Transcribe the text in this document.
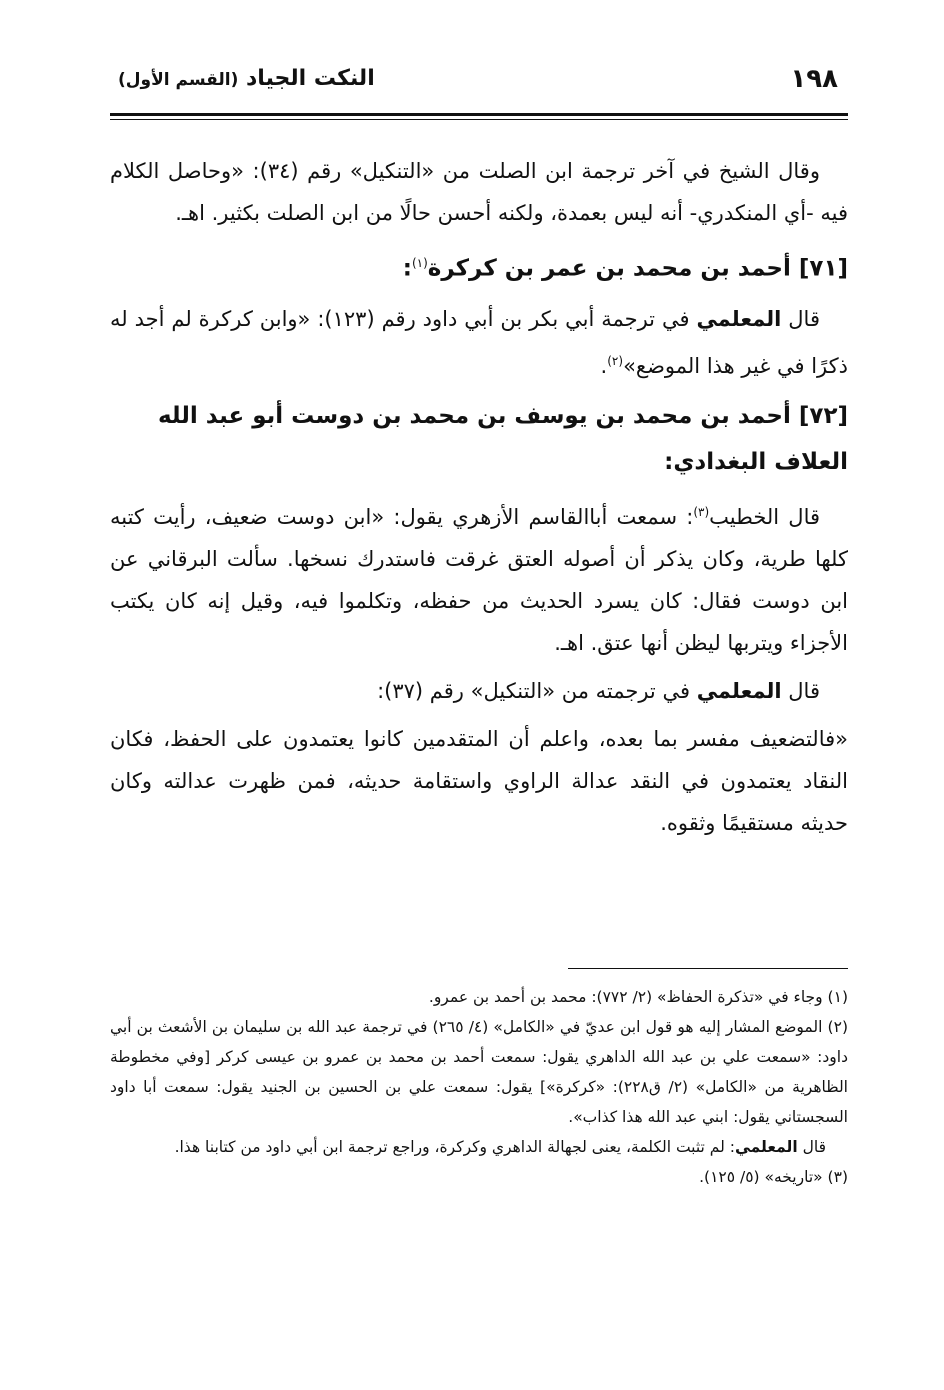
١٩٨
النكت الجياد (القسم الأول)

وقال الشيخ في آخر ترجمة ابن الصلت من «التنكيل» رقم (٣٤): «وحاصل الكلام فيه -أي المنكدري- أنه ليس بعمدة، ولكنه أحسن حالًا من ابن الصلت بكثير. اهـ.

[٧١] أحمد بن محمد بن عمر بن كركرة$^{(١)}$:

قال المعلمي في ترجمة أبي بكر بن أبي داود رقم (١٢٣): «وابن كركرة لم أجد له ذكرًا في غير هذا الموضع»$^{(٢)}$.

[٧٢] أحمد بن محمد بن يوسف بن محمد بن دوست أبو عبد الله العلاف البغدادي:

قال الخطيب$^{(٣)}$: سمعت أباالقاسم الأزهري يقول: «ابن دوست ضعيف، رأيت كتبه كلها طرية، وكان يذكر أن أصوله العتق غرقت فاستدرك نسخها. سألت البرقاني عن ابن دوست فقال: كان يسرد الحديث من حفظه، وتكلموا فيه، وقيل إنه كان يكتب الأجزاء ويتربها ليظن أنها عتق. اهـ.

قال المعلمي في ترجمته من «التنكيل» رقم (٣٧):

«فالتضعيف مفسر بما بعده، واعلم أن المتقدمين كانوا يعتمدون على الحفظ، فكان النقاد يعتمدون في النقد عدالة الراوي واستقامة حديثه، فمن ظهرت عدالته وكان حديثه مستقيمًا وثقوه.

(١) وجاء في «تذكرة الحفاظ» (٢/ ٧٧٢): محمد بن أحمد بن عمرو.

(٢) الموضع المشار إليه هو قول ابن عديّ في «الكامل» (٤/ ٢٦٥) في ترجمة عبد الله بن سليمان بن الأشعث بن أبي داود: «سمعت علي بن عبد الله الداهري يقول: سمعت أحمد بن محمد بن عمرو بن عيسى كركر [وفي مخطوطة الظاهرية من «الكامل» (٢/ ق٢٢٨): «كركرة»] يقول: سمعت علي بن الحسين بن الجنيد يقول: سمعت أبا داود السجستاني يقول: ابني عبد الله هذا كذاب».

قال المعلمي: لم تثبت الكلمة، يعنى لجهالة الداهري وكركرة، وراجع ترجمة ابن أبي داود من كتابنا هذا.

(٣) «تاريخه» (٥/ ١٢٥).
